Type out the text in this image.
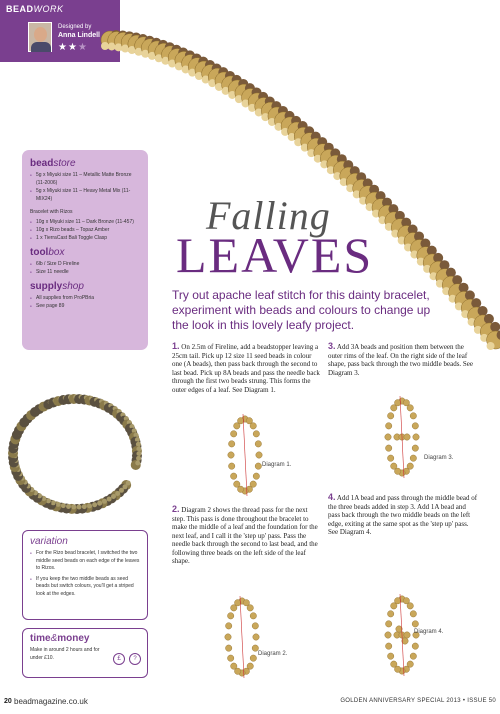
BEADWORK
Designed by
Anna Lindell
★★★
beadstore
● 5g x Miyuki size 11 – Metallic Matte Bronze (11-2006)
● 5g x Miyuki size 11 – Heavy Metal Mix (11-MIX24)
Bracelet with Rizos
● 10g x Miyuki size 11 – Dark Bronze (11-457)
● 10g x Rizo beads – Topaz Amber
● 1 x TierraCast Bali Toggle Clasp
toolbox
● 6lb / Size D Fireline
● Size 11 needle
supplyshop
● All supplies from ProPBria
● See page 89
variation

● For the Rizo bead bracelet, I switched the two middle seed beads on each edge of the leaves to Rizos.

● If you keep the two middle beads as seed beads but switch colours, you'll get a striped look at the edges.

time&money
Make in around 2 hours and for under £10.	£	?
Falling
LEAVES
Try out apache leaf stitch for this dainty bracelet, experiment with beads and colours to change up the look in this lovely leafy project.
1. On 2.5m of Fireline, add a beadstopper leaving a 25cm tail. Pick up 12 size 11 seed beads in colour one (A beads), then pass back through the second to last bead. Pick up 8A beads and pass the needle back through the first two beads strung. This forms the outer edges of a leaf. See Diagram 1.
3. Add 3A beads and position them between the outer rims of the leaf. On the right side of the leaf shape, pass back through the two middle beads. See Diagram 3.
2. Diagram 2 shows the thread pass for the next step. This pass is done throughout the bracelet to make the middle of a leaf and the foundation for the next leaf, and I call it the 'step up' pass. Pass the needle back through the second to last bead, and the following three beads on the left side of the leaf shape.
4. Add 1A bead and pass through the middle bead of the three beads added in step 3. Add 1A bead and pass back through the two middle beads on the left edge, exiting at the same spot as the 'step up' pass. See Diagram 4.
Diagram 1.
Diagram 3.
Diagram 2.
Diagram 4.
20 beadmagazine.co.uk	GOLDEN ANNIVERSARY SPECIAL 2013 • ISSUE 50
